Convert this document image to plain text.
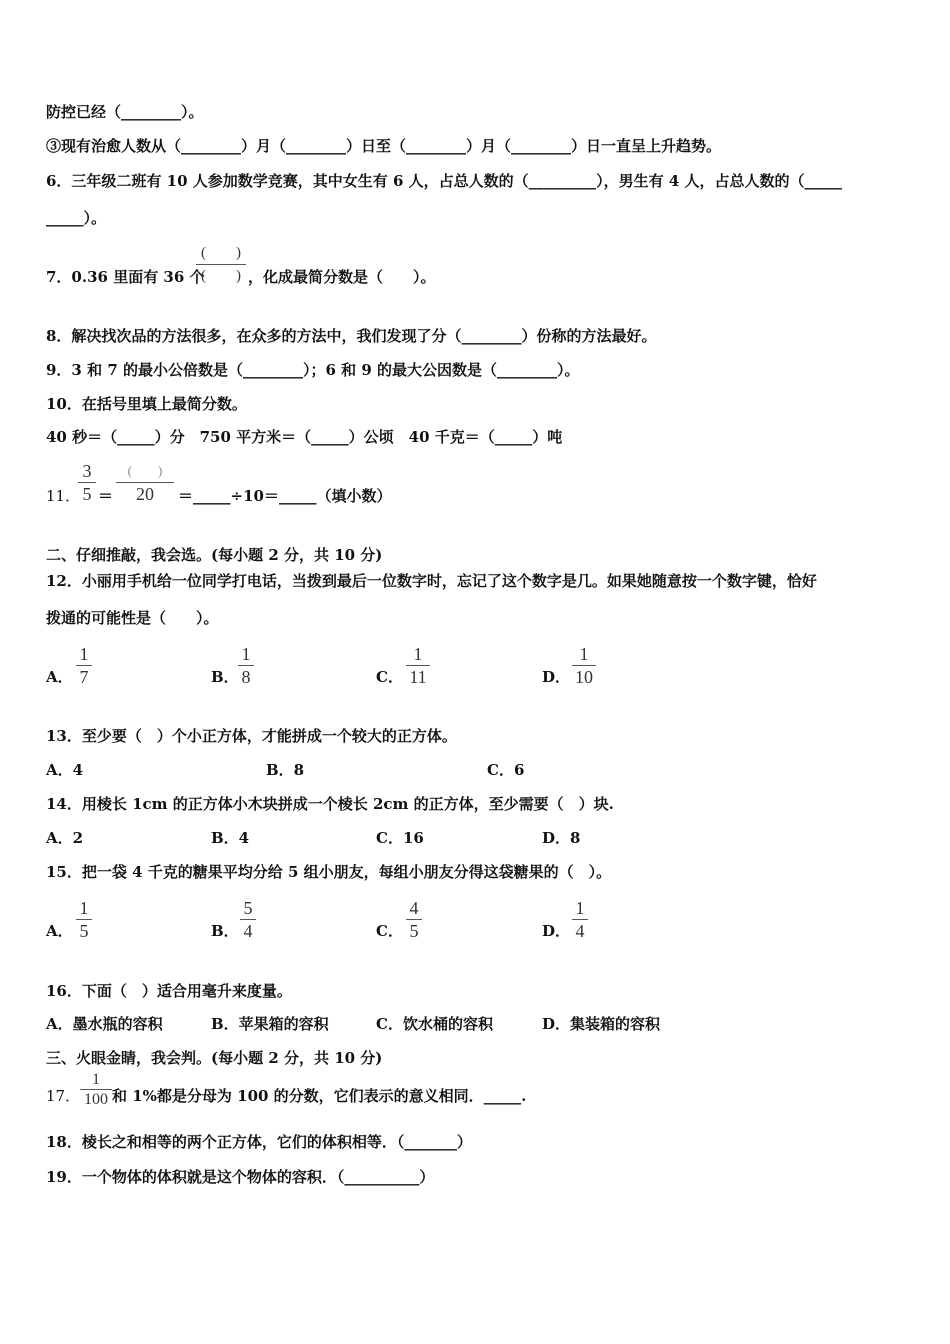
防控已经（________）。
③现有治愈人数从（________）月（________）日至（________）月（________）日一直呈上升趋势。
6．三年级二班有 10 人参加数学竞赛，其中女生有 6 人，占总人数的（_________），男生有 4 人，占总人数的（_____
_____）。
7．0.36 里面有 36 个
(　　)
(　　) ，化成最简分数是（　　）。
8．解决找次品的方法很多，在众多的方法中，我们发现了分（________）份称的方法最好。
9．3 和 7 的最小公倍数是（________）；6 和 9 的最大公因数是（________）。
10．在括号里填上最简分数。
40 秒＝（_____）分　750 平方米＝（_____）公顷　40 千克＝（_____）吨
11．
3
5 ＝
(　　)
20	＝_____÷10＝_____（填小数）
二、仔细推敲，我会选。(每小题 2 分，共 10 分)
12．小丽用手机给一位同学打电话，当拨到最后一位数字时，忘记了这个数字是几。如果她随意按一个数字键，恰好
拨通的可能性是（　　）。
A．
1
7	B．
1
8	C．
1
11	D．
1
10
13．至少要（　）个小正方体，才能拼成一个较大的正方体。
A．4	B．8	C．6
14．用棱长 1cm 的正方体小木块拼成一个棱长 2cm 的正方体，至少需要（　）块.
A．2	B．4	C．16	D．8
15．把一袋 4 千克的糖果平均分给 5 组小朋友，每组小朋友分得这袋糖果的（　）。
A．
1
5	B．
5
4	C．
4
5	D．
1
4
16．下面（　）适合用毫升来度量。
A．墨水瓶的容积	B．苹果箱的容积	C．饮水桶的容积	D．集装箱的容积
三、火眼金睛，我会判。(每小题 2 分，共 10 分)
17．
1
100 和 1%都是分母为 100 的分数，它们表示的意义相同．_____.
18．棱长之和相等的两个正方体，它们的体积相等．（_______）
19．一个物体的体积就是这个物体的容积．（__________）
